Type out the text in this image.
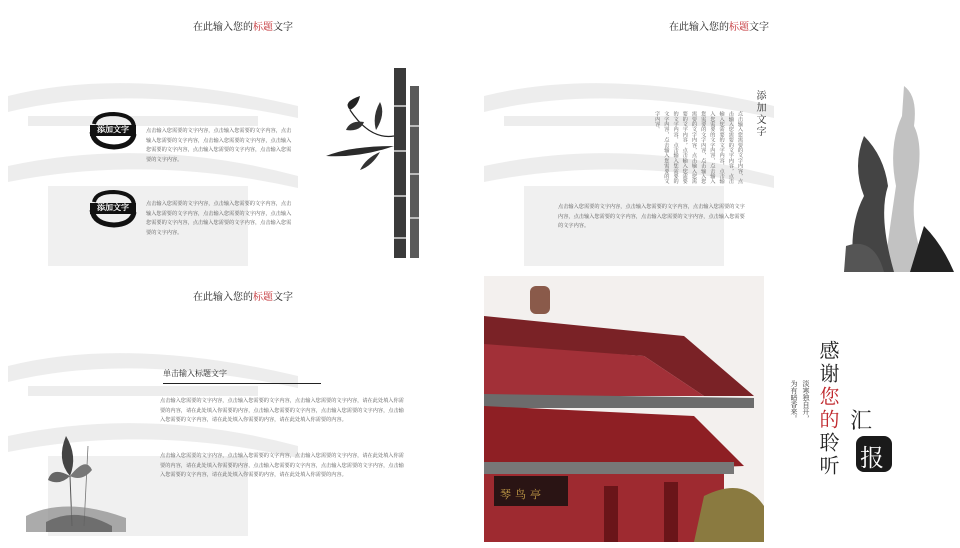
在此输入您的标题文字
添加文字	点击输入您需要的文字内容，点击输入您需要的文字内容，点击输入您需要的文字内容，点击输入您需要的文字内容，点击输入您需要的文字内容，点击输入您需要的文字内容，点击输入您需要的文字内容。
添加文字	点击输入您需要的文字内容，点击输入您需要的文字内容，点击输入您需要的文字内容，点击输入您需要的文字内容，点击输入您需要的文字内容，点击输入您需要的文字内容，点击输入您需要的文字内容。
在此输入您的标题文字
添加文字
点击输入您需要的文字内容，点击输入您需要的文字内容，点击输入您需要的文字内容，点击输入您需要的文字内容，点击输入您需要的文字内容，点击输入您需要的文字内容，点击输入您需要的文字内容，点击输入您需要的文字内容，点击输入您需要的文字内容，点击输入您需要的文字内容。
点击输入您需要的文字内容，点击输入您需要的文字内容，点击输入您需要的文字内容，点击输入您需要的文字内容，点击输入您需要的文字内容，点击输入您需要的文字内容。
在此输入您的标题文字
单击输入标题文字
点击输入您需要的文字内容，点击输入您需要的文字内容，点击输入您需要的文字内容，请在此处填入你需要的内容，请在此处填入你需要的内容，点击输入您需要的文字内容，点击输入您需要的文字内容，点击输入您需要的文字内容，请在此处填入你需要的内容，请在此处填入你需要的内容。
点击输入您需要的文字内容，点击输入您需要的文字内容，点击输入您需要的文字内容，请在此处填入你需要的内容，请在此处填入你需要的内容，点击输入您需要的文字内容，点击输入您需要的文字内容，点击输入您需要的文字内容，请在此处填入你需要的内容，请在此处填入你需要的内容。
琴鸟亭
感谢您的聆听
淡寒独自开，
为有暗香来。	汇
报
